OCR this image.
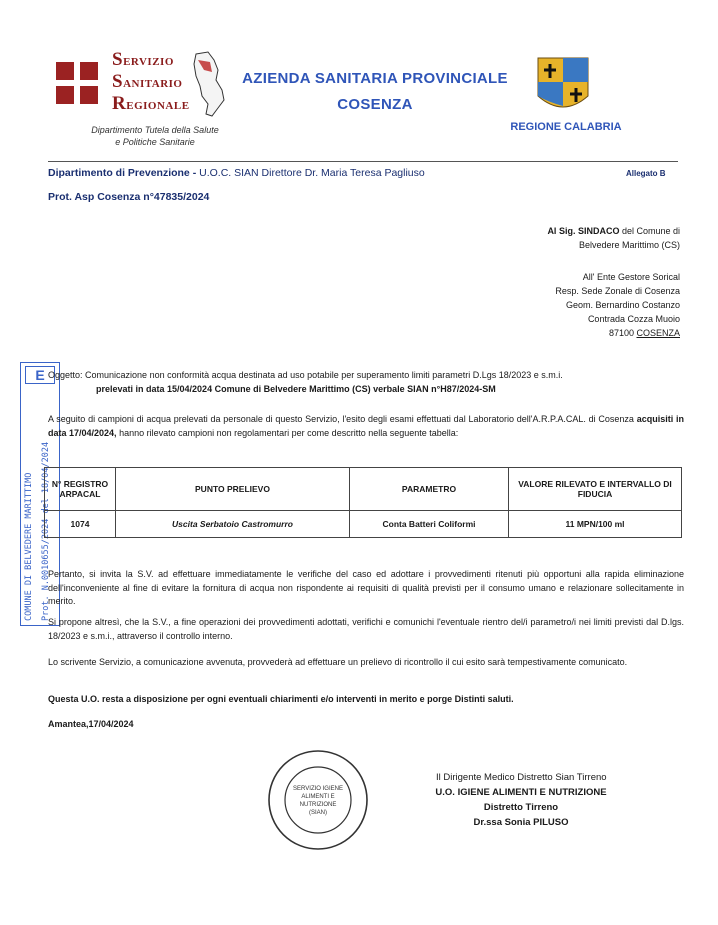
SERVIZIO
SANITARIO
REGIONALE
Dipartimento Tutela della Salute
e Politiche Sanitarie
AZIENDA SANITARIA PROVINCIALE
COSENZA
REGIONE CALABRIA
Dipartimento di Prevenzione - U.O.C. SIAN Direttore Dr. Maria Teresa Pagliuso	Allegato B
Prot. Asp Cosenza n°47835/2024
Al Sig. SINDACO del Comune di
Belvedere Marittimo (CS)
All' Ente Gestore Sorical
Resp. Sede Zonale di Cosenza
Geom. Bernardino Costanzo
Contrada Cozza Muoio
87100 COSENZA
E
COMUNE DI BELVEDERE MARITTIMO Prot. N.0010655/2024 del 18/04/2024
Oggetto: Comunicazione non conformità acqua destinata ad uso potabile per superamento limiti parametri D.Lgs 18/2023 e s.m.i.
prelevati in data 15/04/2024 Comune di Belvedere Marittimo (CS) verbale SIAN n°H87/2024-SM
A seguito di campioni di acqua prelevati da personale di questo Servizio, l'esito degli esami effettuati dal Laboratorio dell'A.R.P.A.CAL. di Cosenza acquisiti in data 17/04/2024, hanno rilevato campioni non regolamentari per come descritto nella seguente tabella:
N° REGISTRO ARPACAL	PUNTO PRELIEVO	PARAMETRO	VALORE RILEVATO E INTERVALLO DI FIDUCIA
1074	Uscita Serbatoio Castromurro	Conta Batteri Coliformi	11 MPN/100 ml
Pertanto, si invita la S.V. ad effettuare immediatamente le verifiche del caso ed adottare i provvedimenti ritenuti più opportuni alla rapida eliminazione dell'inconveniente al fine di evitare la fornitura di acqua non rispondente ai requisiti di qualità previsti per il consumo umano e relazionare sollecitamente in merito.
Si propone altresì, che la S.V., a fine operazioni dei provvedimenti adottati, verifichi e comunichi l'eventuale rientro del/i parametro/i nei limiti previsti dal D.lgs. 18/2023 e s.m.i., attraverso il controllo interno.
Lo scrivente Servizio, a comunicazione avvenuta, provvederà ad effettuare un prelievo di ricontrollo il cui esito sarà tempestivamente comunicato.
Questa U.O. resta a disposizione per ogni eventuali chiarimenti e/o interventi in merito e porge Distinti saluti.
Amantea,17/04/2024
SERVIZIO IGIENE
ALIMENTI E
NUTRIZIONE
(SIAN)
Il Dirigente Medico Distretto Sian Tirreno
U.O. IGIENE ALIMENTI E NUTRIZIONE
Distretto Tirreno
Dr.ssa Sonia PILUSO
